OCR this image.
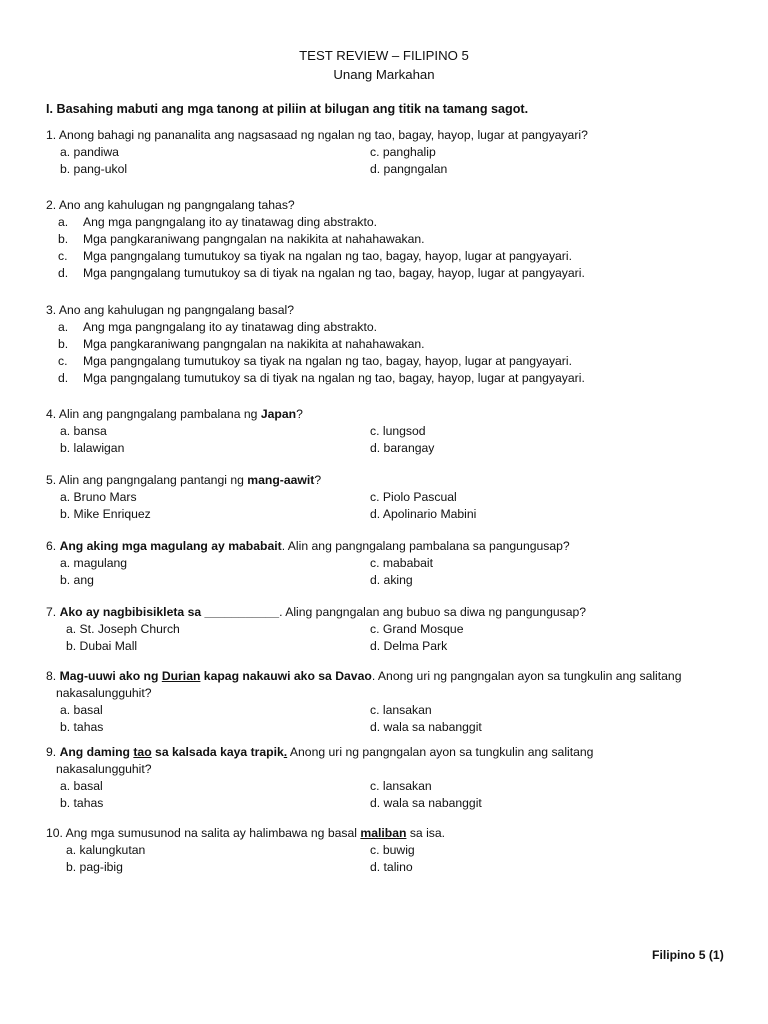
TEST REVIEW – FILIPINO 5
Unang Markahan
I. Basahing mabuti ang mga tanong at piliin at bilugan ang titik na tamang sagot.
1. Anong bahagi ng pananalita ang nagsasaad ng ngalan ng tao, bagay, hayop, lugar at pangyayari?
a. pandiwa	c. panghalip
b. pang-ukol	d. pangngalan
2. Ano ang kahulugan ng pangngalang tahas?
a.	Ang mga pangngalang ito ay tinatawag ding abstrakto.
b.	Mga pangkaraniwang pangngalan na nakikita at nahahawakan.
c.	Mga pangngalang tumutukoy sa tiyak na ngalan ng tao, bagay, hayop, lugar at pangyayari.
d.	Mga pangngalang tumutukoy sa di tiyak na ngalan ng tao, bagay, hayop, lugar at pangyayari.
3. Ano ang kahulugan ng pangngalang basal?
a.	Ang mga pangngalang ito ay tinatawag ding abstrakto.
b.	Mga pangkaraniwang pangngalan na nakikita at nahahawakan.
c.	Mga pangngalang tumutukoy sa tiyak na ngalan ng tao, bagay, hayop, lugar at pangyayari.
d.	Mga pangngalang tumutukoy sa di tiyak na ngalan ng tao, bagay, hayop, lugar at pangyayari.
4. Alin ang pangngalang pambalana ng Japan?
a. bansa	c. lungsod
b. lalawigan	d. barangay
5. Alin ang pangngalang pantangi ng mang-aawit?
a. Bruno Mars	c. Piolo Pascual
b. Mike Enriquez	d. Apolinario Mabini
6. Ang aking mga magulang ay mababait. Alin ang pangngalang pambalana sa pangungusap?
a. magulang	c. mababait
b. ang	d. aking
7. Ako ay nagbibisikleta sa ___________. Aling pangngalan ang bubuo sa diwa ng pangungusap?
a. St. Joseph Church	c. Grand Mosque
b. Dubai Mall	d. Delma Park
8. Mag-uuwi ako ng Durian kapag nakauwi ako sa Davao. Anong uri ng pangngalan ayon sa tungkulin ang salitang
nakasalungguhit?
a. basal	c. lansakan
b. tahas	d. wala sa nabanggit
9. Ang daming tao sa kalsada kaya trapik. Anong uri ng pangngalan ayon sa tungkulin ang salitang
nakasalungguhit?
a. basal	c. lansakan
b. tahas	d. wala sa nabanggit
10. Ang mga sumusunod na salita ay halimbawa ng basal maliban sa isa.
a. kalungkutan	c. buwig
b. pag-ibig	d. talino
Filipino 5 (1)
